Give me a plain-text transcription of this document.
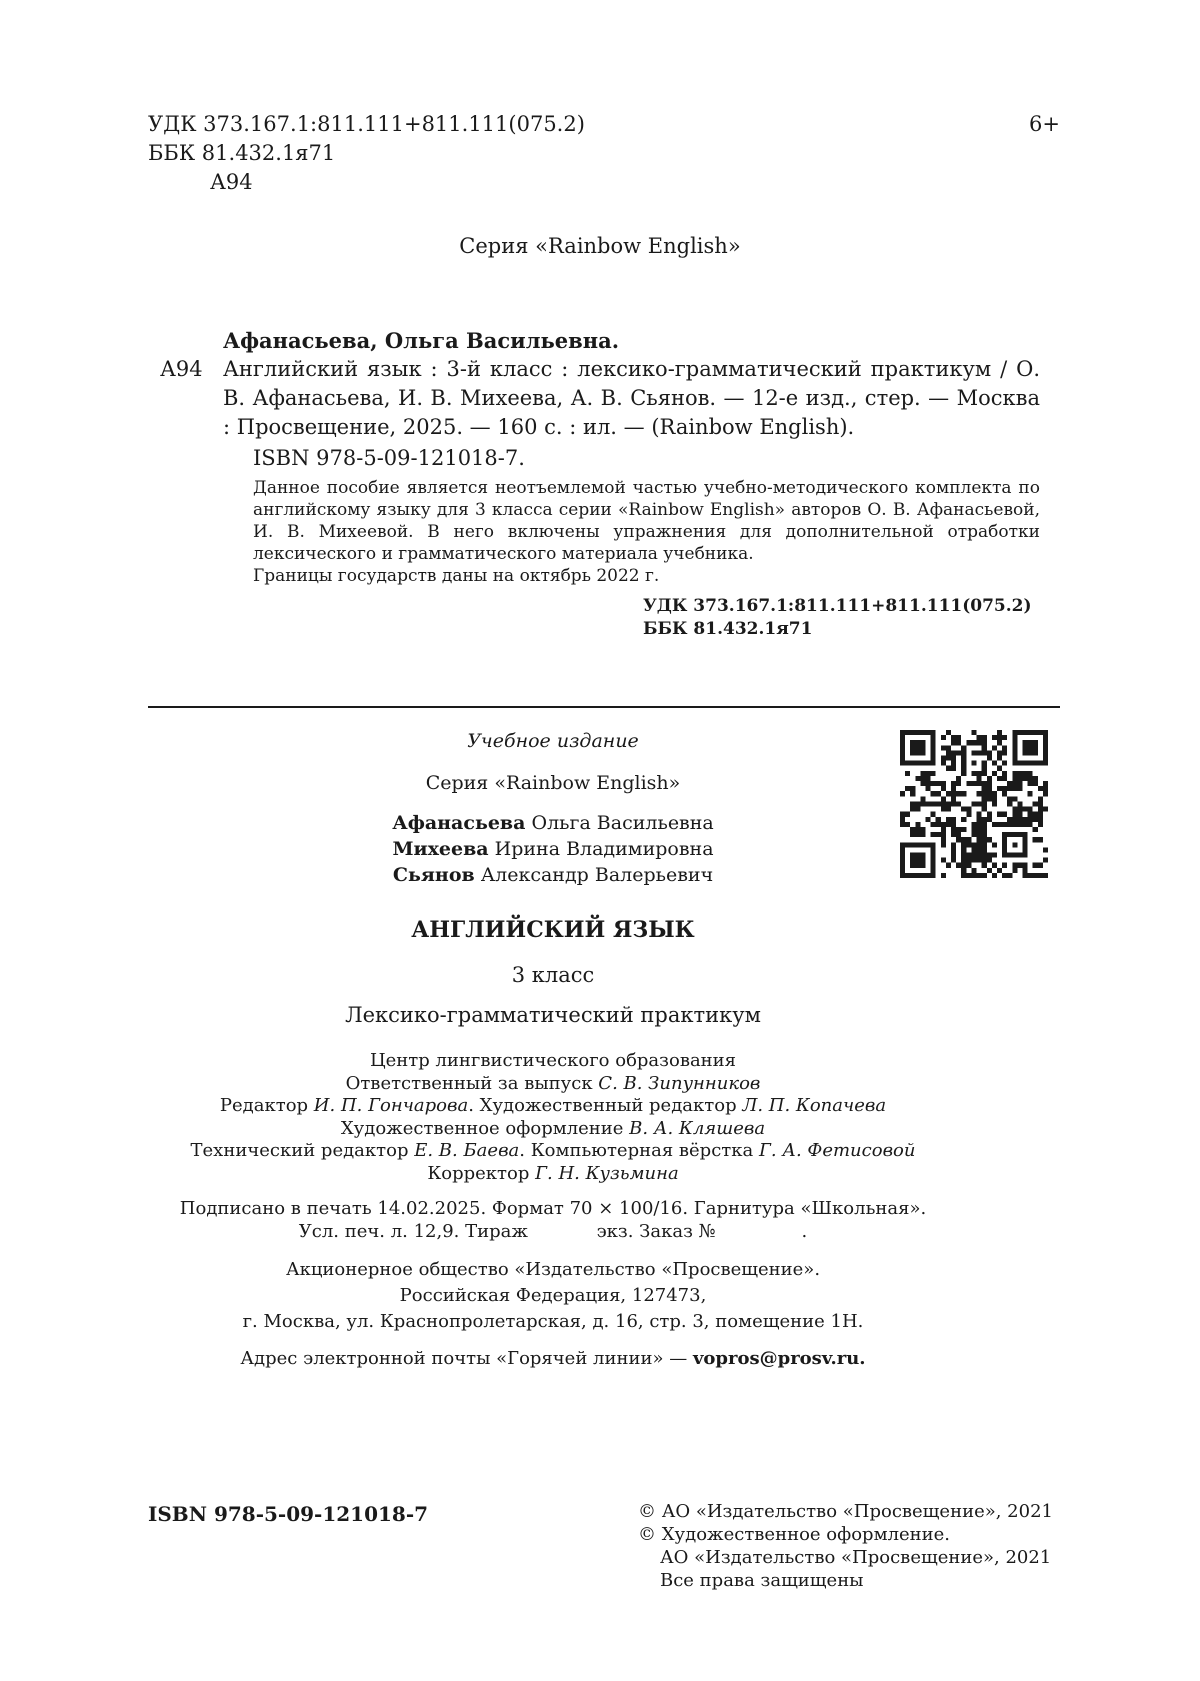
УДК 373.167.1:811.111+811.111(075.2)
ББК 81.432.1я71
А94
6+
Серия «Rainbow English»
Афанасьева, Ольга Васильевна.
А94 Английский язык : 3-й класс : лексико-грамматический практикум / О. В. Афанасьева, И. В. Михеева, А. В. Сьянов. — 12-е изд., стер. — Москва : Просвещение, 2025. — 160 с. : ил. — (Rainbow English).
ISBN 978-5-09-121018-7.

Данное пособие является неотъемлемой частью учебно-методического комплекта по английскому языку для 3 класса серии «Rainbow English» авторов О. В. Афанасьевой, И. В. Михеевой. В него включены упражнения для дополнительной отработки лексического и грамматического материала учебника.

Границы государств даны на октябрь 2022 г.

УДК 373.167.1:811.111+811.111(075.2)
ББК 81.432.1я71
Учебное издание
Серия «Rainbow English»
Афанасьева Ольга Васильевна
Михеева Ирина Владимировна
Сьянов Александр Валерьевич
АНГЛИЙСКИЙ ЯЗЫК
3 класс
Лексико-грамматический практикум
Центр лингвистического образования
Ответственный за выпуск С. В. Зипунников
Редактор И. П. Гончарова. Художественный редактор Л. П. Копачева
Художественное оформление В. А. Кляшева
Технический редактор Е. В. Баева. Компьютерная вёрстка Г. А. Фетисовой
Корректор Г. Н. Кузьмина
Подписано в печать 14.02.2025. Формат 70 × 100/16. Гарнитура «Школьная».
Усл. печ. л. 12,9. Тираж            экз. Заказ №               .
Акционерное общество «Издательство «Просвещение».
Российская Федерация, 127473,
г. Москва, ул. Краснопролетарская, д. 16, стр. 3, помещение 1Н.
Адрес электронной почты «Горячей линии» — vopros@prosv.ru.
ISBN 978-5-09-121018-7	© АО «Издательство «Просвещение», 2021
© Художественное оформление.
АО «Издательство «Просвещение», 2021
Все права защищены
